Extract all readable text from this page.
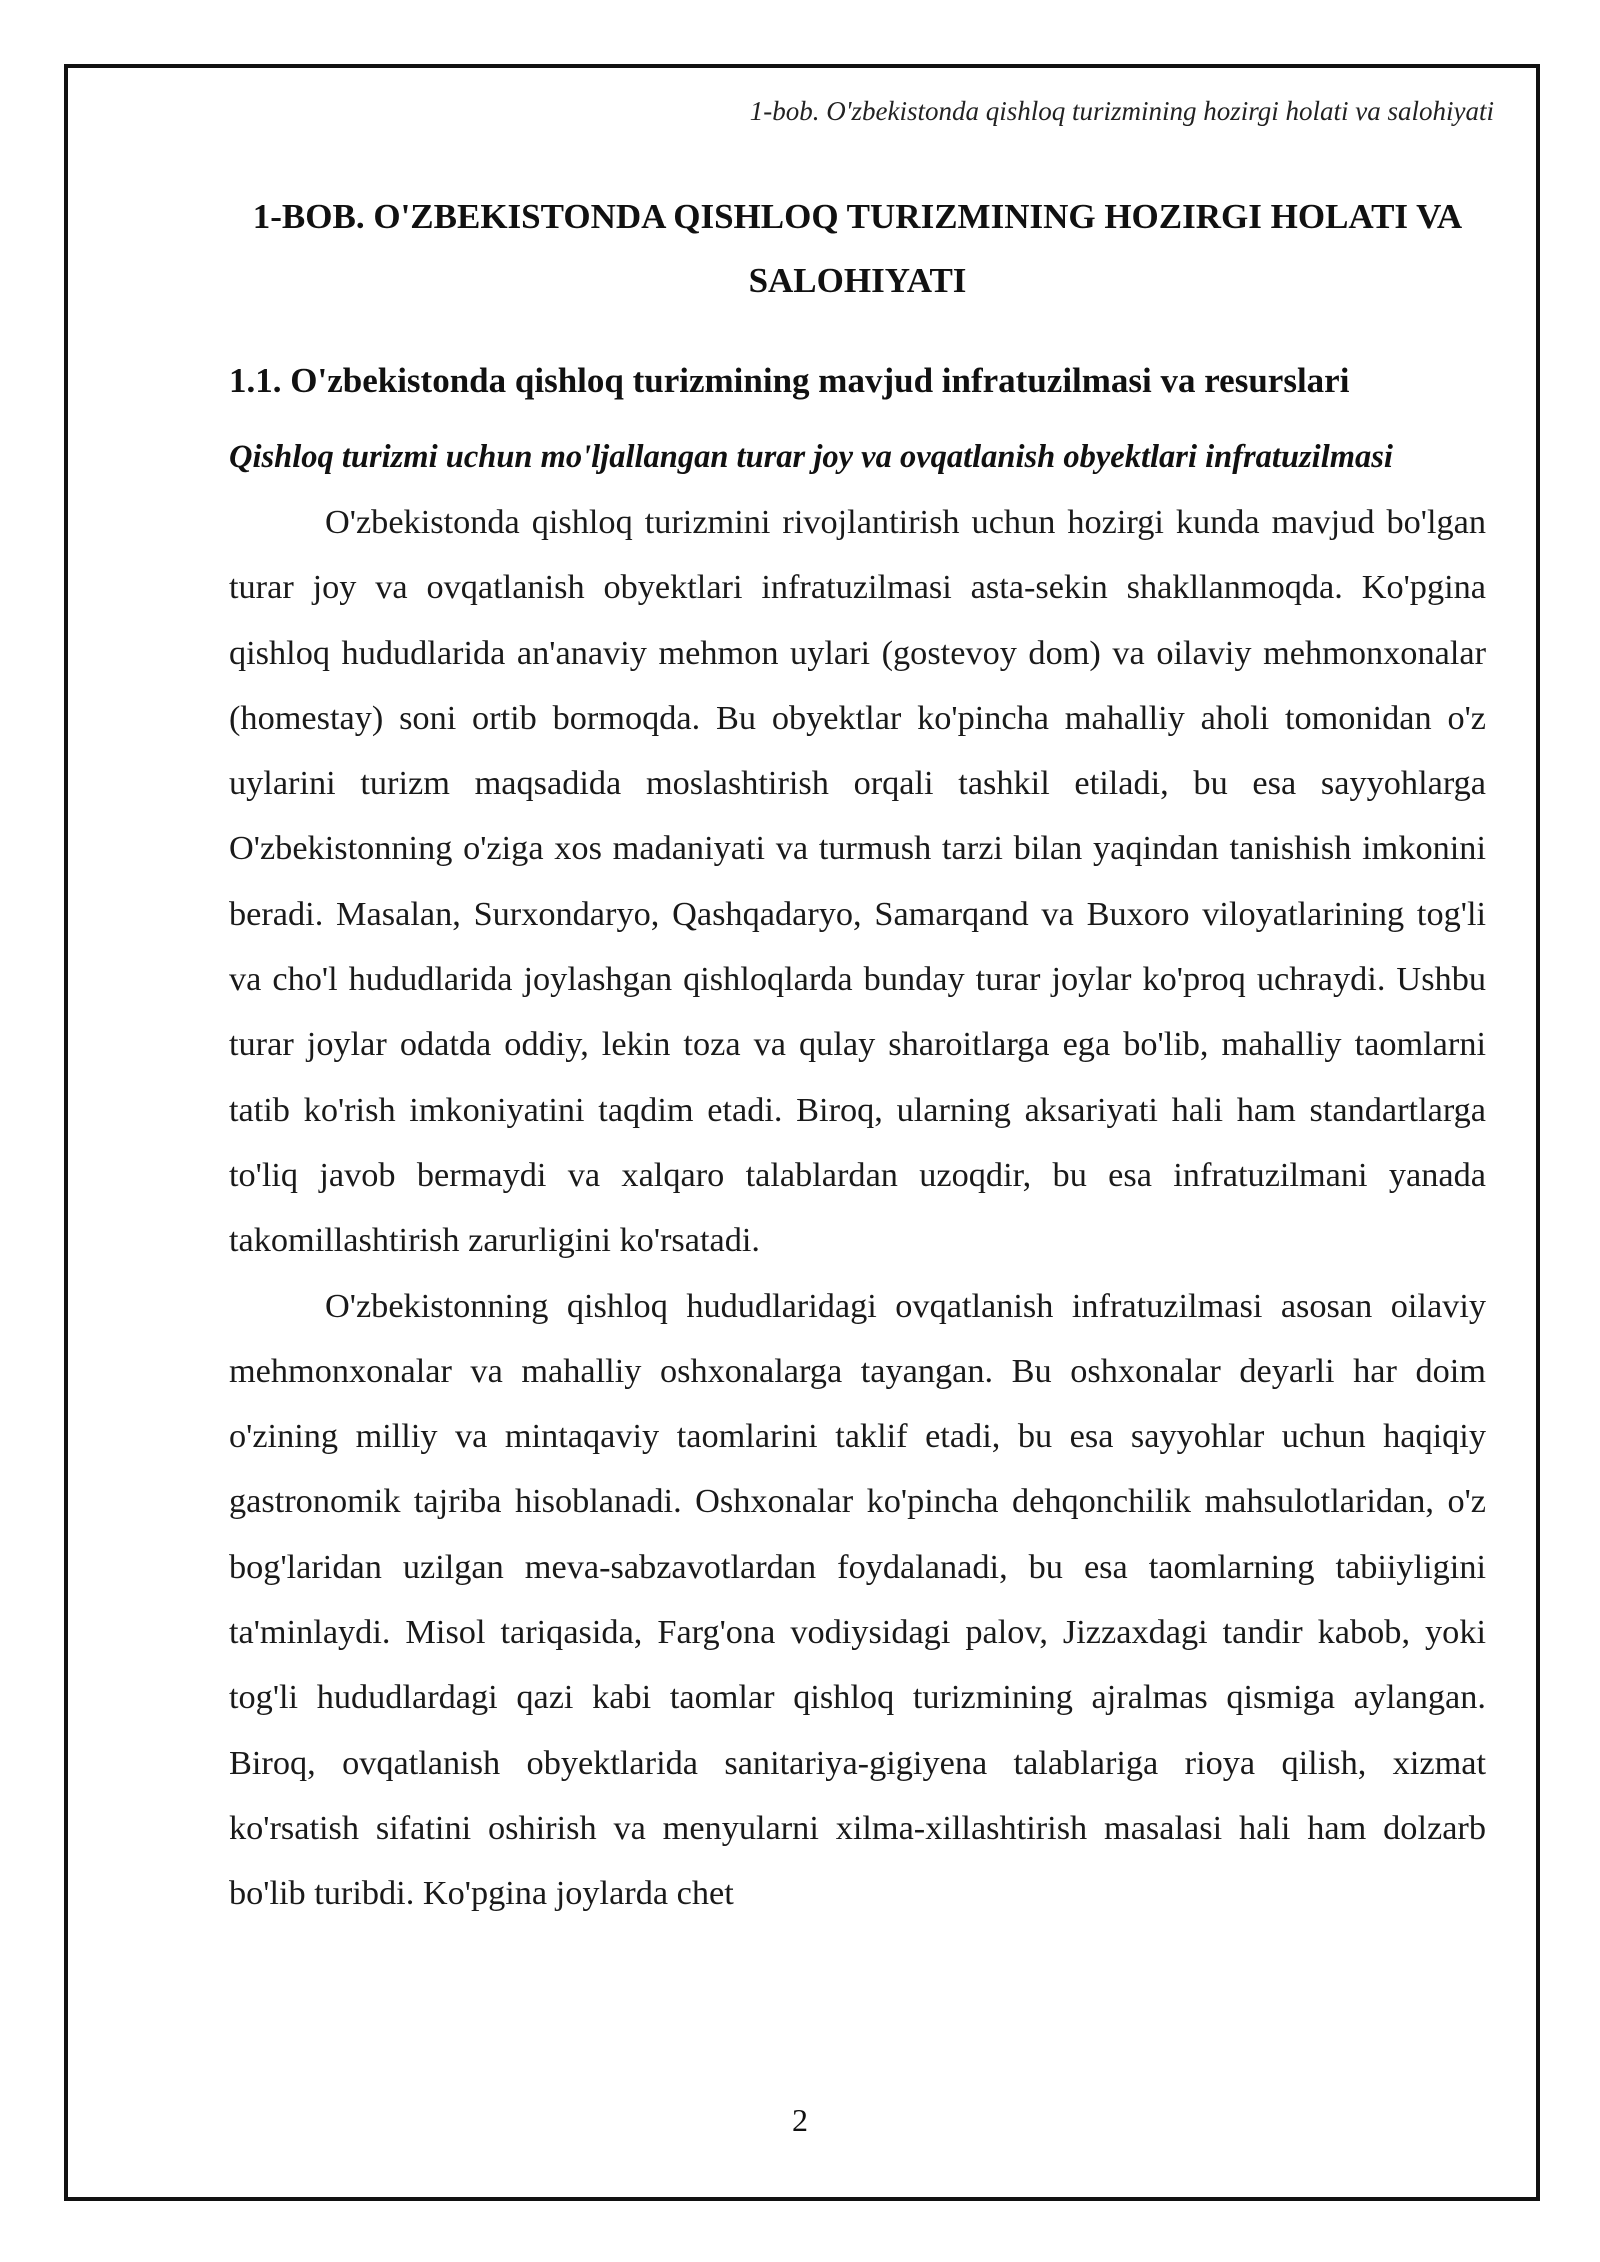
1-bob. O'zbekistonda qishloq turizmining hozirgi holati va salohiyati
1-BOB. O'ZBEKISTONDA QISHLOQ TURIZMINING HOZIRGI HOLATI VA SALOHIYATI
1.1. O'zbekistonda qishloq turizmining mavjud infratuzilmasi va resurslari
Qishloq turizmi uchun mo'ljallangan turar joy va ovqatlanish obyektlari infratuzilmasi

O'zbekistonda qishloq turizmini rivojlantirish uchun hozirgi kunda mavjud bo'lgan turar joy va ovqatlanish obyektlari infratuzilmasi asta-sekin shakllanmoqda. Ko'pgina qishloq hududlarida an'anaviy mehmon uylari (gostevoy dom) va oilaviy mehmonxonalar (homestay) soni ortib bormoqda. Bu obyektlar ko'pincha mahalliy aholi tomonidan o'z uylarini turizm maqsadida moslashtirish orqali tashkil etiladi, bu esa sayyohlarga O'zbekistonning o'ziga xos madaniyati va turmush tarzi bilan yaqindan tanishish imkonini beradi. Masalan, Surxondaryo, Qashqadaryo, Samarqand va Buxoro viloyatlarining tog'li va cho'l hududlarida joylashgan qishloqlarda bunday turar joylar ko'proq uchraydi. Ushbu turar joylar odatda oddiy, lekin toza va qulay sharoitlarga ega bo'lib, mahalliy taomlarni tatib ko'rish imkoniyatini taqdim etadi. Biroq, ularning aksariyati hali ham standartlarga to'liq javob bermaydi va xalqaro talablardan uzoqdir, bu esa infratuzilmani yanada takomillashtirish zarurligini ko'rsatadi.

O'zbekistonning qishloq hududlaridagi ovqatlanish infratuzilmasi asosan oilaviy mehmonxonalar va mahalliy oshxonalarga tayangan. Bu oshxonalar deyarli har doim o'zining milliy va mintaqaviy taomlarini taklif etadi, bu esa sayyohlar uchun haqiqiy gastronomik tajriba hisoblanadi. Oshxonalar ko'pincha dehqonchilik mahsulotlaridan, o'z bog'laridan uzilgan meva-sabzavotlardan foydalanadi, bu esa taomlarning tabiiyligini ta'minlaydi. Misol tariqasida, Farg'ona vodiysidagi palov, Jizzaxdagi tandir kabob, yoki tog'li hududlardagi qazi kabi taomlar qishloq turizmining ajralmas qismiga aylangan. Biroq, ovqatlanish obyektlarida sanitariya-gigiyena talablariga rioya qilish, xizmat ko'rsatish sifatini oshirish va menyularni xilma-xillashtirish masalasi hali ham dolzarb bo'lib turibdi. Ko'pgina joylarda chet

2
